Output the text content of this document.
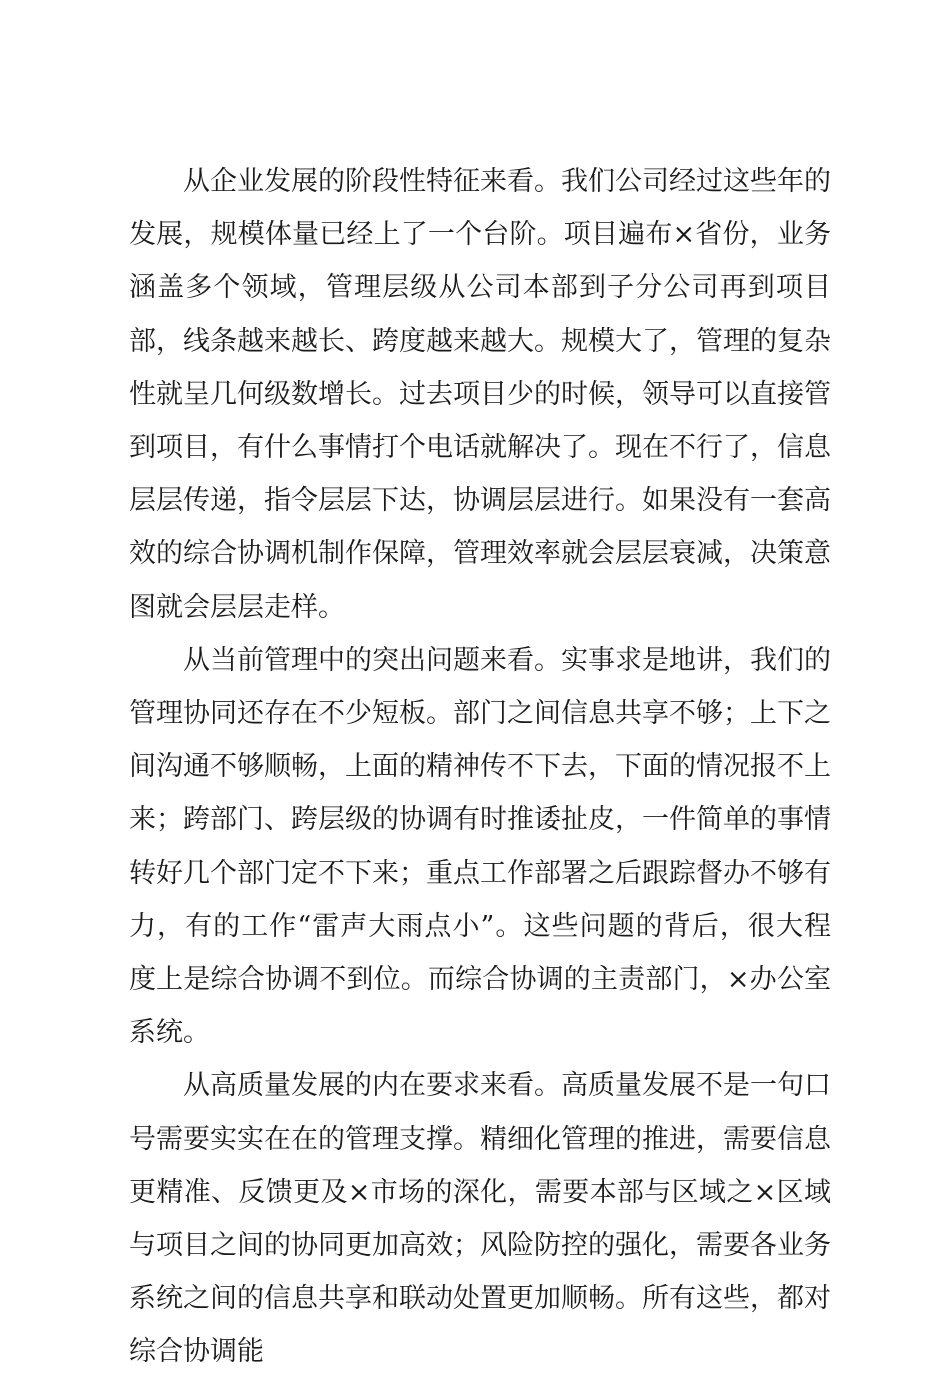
从企业发展的阶段性特征来看。我们公司经过这些年的发展，规模体量已经上了一个台阶。项目遍布×省份，业务涵盖多个领域，管理层级从公司本部到子分公司再到项目部，线条越来越长、跨度越来越大。规模大了，管理的复杂性就呈几何级数增长。过去项目少的时候，领导可以直接管到项目，有什么事情打个电话就解决了。现在不行了，信息层层传递，指令层层下达，协调层层进行。如果没有一套高效的综合协调机制作保障，管理效率就会层层衰减，决策意图就会层层走样。

从当前管理中的突出问题来看。实事求是地讲，我们的管理协同还存在不少短板。部门之间信息共享不够；上下之间沟通不够顺畅，上面的精神传不下去，下面的情况报不上来；跨部门、跨层级的协调有时推诿扯皮，一件简单的事情转好几个部门定不下来；重点工作部署之后跟踪督办不够有力，有的工作“雷声大雨点小”。这些问题的背后，很大程度上是综合协调不到位。而综合协调的主责部门，×办公室系统。

从高质量发展的内在要求来看。高质量发展不是一句口号需要实实在在的管理支撑。精细化管理的推进，需要信息更精准、反馈更及×市场的深化，需要本部与区域之×区域与项目之间的协同更加高效；风险防控的强化，需要各业务系统之间的信息共享和联动处置更加顺畅。所有这些，都对综合协调能
